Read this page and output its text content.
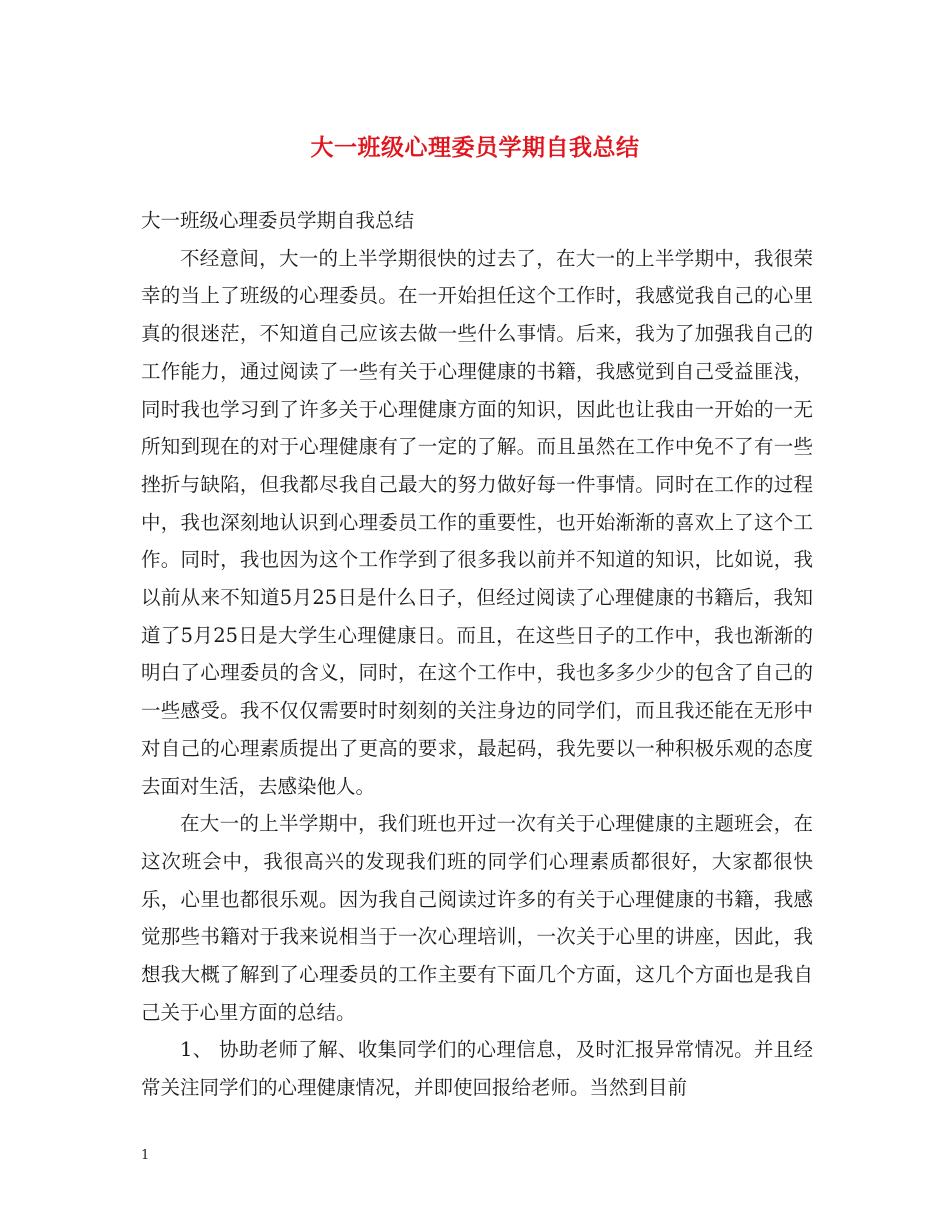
大一班级心理委员学期自我总结

大一班级心理委员学期自我总结

不经意间，大一的上半学期很快的过去了，在大一的上半学期中，我很荣幸的当上了班级的心理委员。在一开始担任这个工作时，我感觉我自己的心里真的很迷茫，不知道自己应该去做一些什么事情。后来，我为了加强我自己的工作能力，通过阅读了一些有关于心理健康的书籍，我感觉到自己受益匪浅，同时我也学习到了许多关于心理健康方面的知识，因此也让我由一开始的一无所知到现在的对于心理健康有了一定的了解。而且虽然在工作中免不了有一些挫折与缺陷，但我都尽我自己最大的努力做好每一件事情。同时在工作的过程中，我也深刻地认识到心理委员工作的重要性，也开始渐渐的喜欢上了这个工作。同时，我也因为这个工作学到了很多我以前并不知道的知识，比如说，我以前从来不知道5月25日是什么日子，但经过阅读了心理健康的书籍后，我知道了5月25日是大学生心理健康日。而且，在这些日子的工作中，我也渐渐的明白了心理委员的含义，同时，在这个工作中，我也多多少少的包含了自己的一些感受。我不仅仅需要时时刻刻的关注身边的同学们，而且我还能在无形中对自己的心理素质提出了更高的要求，最起码，我先要以一种积极乐观的态度去面对生活，去感染他人。

在大一的上半学期中，我们班也开过一次有关于心理健康的主题班会，在这次班会中，我很高兴的发现我们班的同学们心理素质都很好，大家都很快乐，心里也都很乐观。因为我自己阅读过许多的有关于心理健康的书籍，我感觉那些书籍对于我来说相当于一次心理培训，一次关于心里的讲座，因此，我想我大概了解到了心理委员的工作主要有下面几个方面，这几个方面也是我自己关于心里方面的总结。

1、 协助老师了解、收集同学们的心理信息，及时汇报异常情况。并且经常关注同学们的心理健康情况，并即使回报给老师。当然到目前

1
